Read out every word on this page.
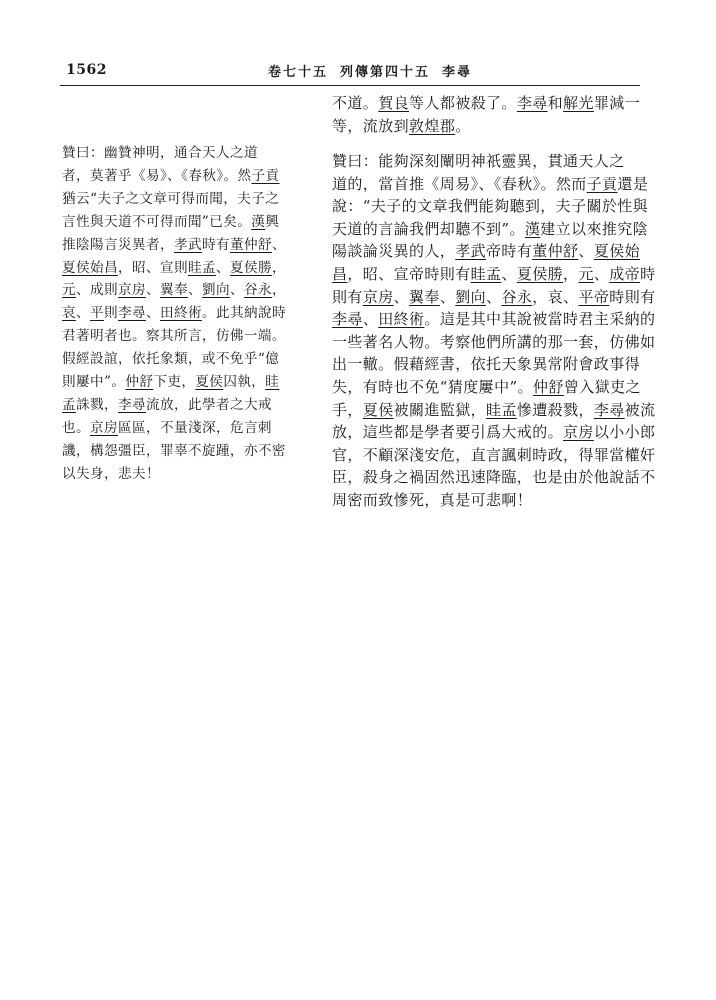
1562	卷七十五 列傳第四十五 李尋
不道。賀良等人都被殺了。李尋和解光罪減一
等，流放到敦煌郡。
贊曰：幽贊神明，通合天人之道
者，莫著乎《易》、《春秋》。然子貢
猶云“夫子之文章可得而聞，夫子之
言性與天道不可得而聞”已矣。漢興
推陰陽言災異者，孝武時有董仲舒、
夏侯始昌，昭、宣則眭孟、夏侯勝，
元、成則京房、翼奉、劉向、谷永，
哀、平則李尋、田終術。此其納說時
君著明者也。察其所言，仿佛一端。
假經設誼，依托象類，或不免乎“億
則屢中”。仲舒下吏，夏侯囚執，眭
孟誅戮，李尋流放，此學者之大戒
也。京房區區，不量淺深，危言刺
譏，構怨彊臣，罪辜不旋踵，亦不密
以失身，悲夫！
贊曰：能夠深刻闡明神祇靈異，貫通天人之
道的，當首推《周易》、《春秋》。然而子貢還是
說：“夫子的文章我們能夠聽到，夫子關於性與
天道的言論我們却聽不到”。漢建立以來推究陰
陽談論災異的人，孝武帝時有董仲舒、夏侯始
昌，昭、宣帝時則有眭孟、夏侯勝，元、成帝時
則有京房、翼奉、劉向、谷永，哀、平帝時則有
李尋、田終術。這是其中其說被當時君主采納的
一些著名人物。考察他們所講的那一套，仿佛如
出一轍。假藉經書，依托天象異常附會政事得
失，有時也不免“猜度屢中”。仲舒曾入獄吏之
手，夏侯被關進監獄，眭孟慘遭殺戮，李尋被流
放，這些都是學者要引爲大戒的。京房以小小郎
官，不顧深淺安危，直言諷刺時政，得罪當權奸
臣，殺身之禍固然迅速降臨，也是由於他說話不
周密而致慘死，真是可悲啊！
